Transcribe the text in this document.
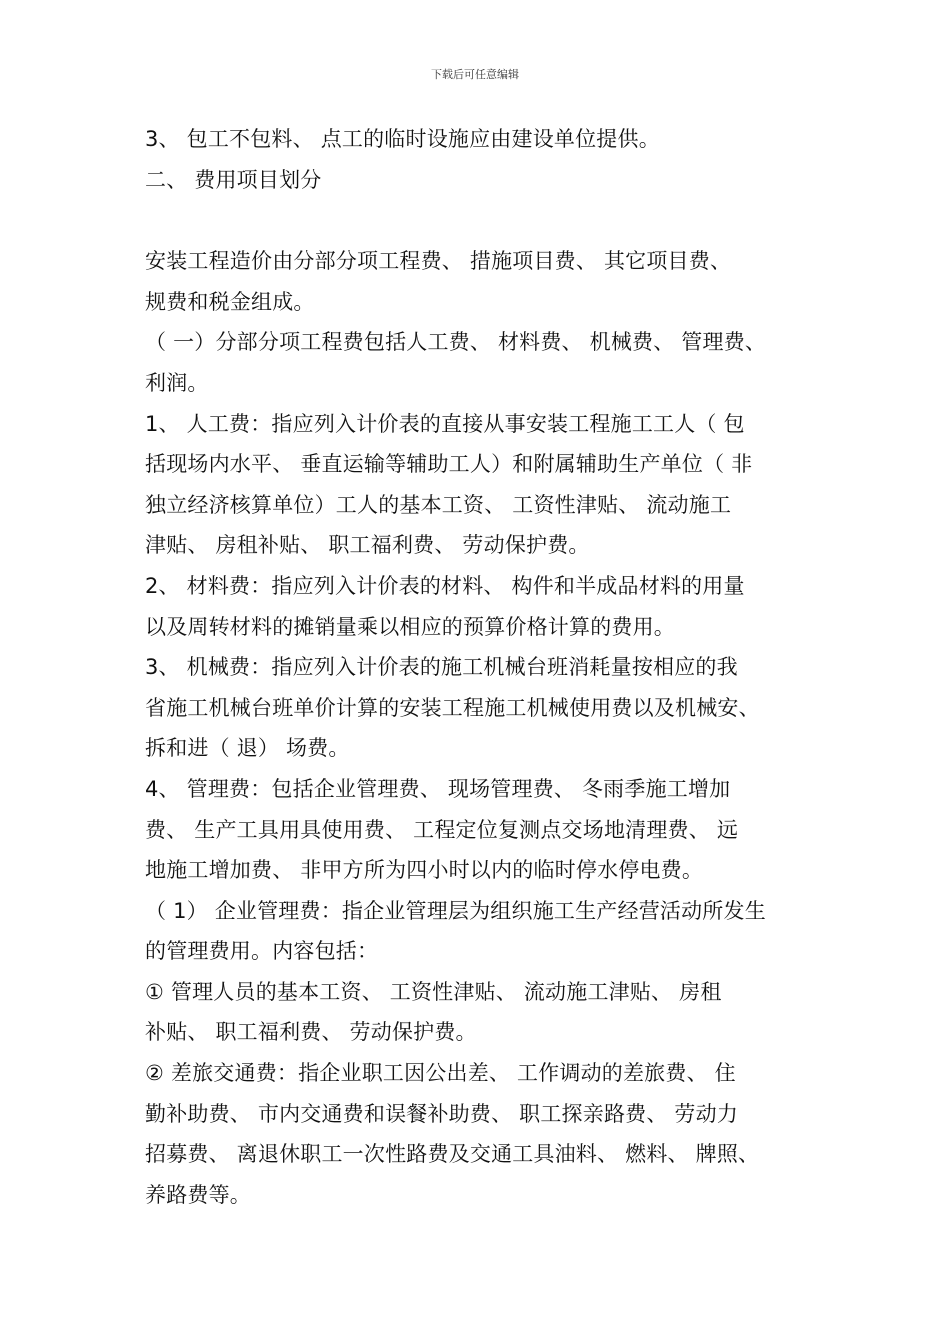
下载后可任意编辑
3、 包工不包料、 点工的临时设施应由建设单位提供。
二、 费用项目划分
安装工程造价由分部分项工程费、 措施项目费、 其它项目费、
规费和税金组成。
（ 一）分部分项工程费包括人工费、 材料费、 机械费、 管理费、
利润。
1、 人工费：指应列入计价表的直接从事安装工程施工工人（ 包
括现场内水平、 垂直运输等辅助工人）和附属辅助生产单位（ 非
独立经济核算单位）工人的基本工资、 工资性津贴、 流动施工
津贴、 房租补贴、 职工福利费、 劳动保护费。
2、 材料费：指应列入计价表的材料、 构件和半成品材料的用量
以及周转材料的摊销量乘以相应的预算价格计算的费用。
3、 机械费：指应列入计价表的施工机械台班消耗量按相应的我
省施工机械台班单价计算的安装工程施工机械使用费以及机械安、
拆和进（ 退） 场费。
4、 管理费：包括企业管理费、 现场管理费、 冬雨季施工增加
费、 生产工具用具使用费、 工程定位复测点交场地清理费、 远
地施工增加费、 非甲方所为四小时以内的临时停水停电费。
（ 1） 企业管理费：指企业管理层为组织施工生产经营活动所发生
的管理费用。内容包括：
① 管理人员的基本工资、 工资性津贴、 流动施工津贴、 房租
补贴、 职工福利费、 劳动保护费。
② 差旅交通费：指企业职工因公出差、 工作调动的差旅费、 住
勤补助费、 市内交通费和误餐补助费、 职工探亲路费、 劳动力
招募费、 离退休职工一次性路费及交通工具油料、 燃料、 牌照、
养路费等。
